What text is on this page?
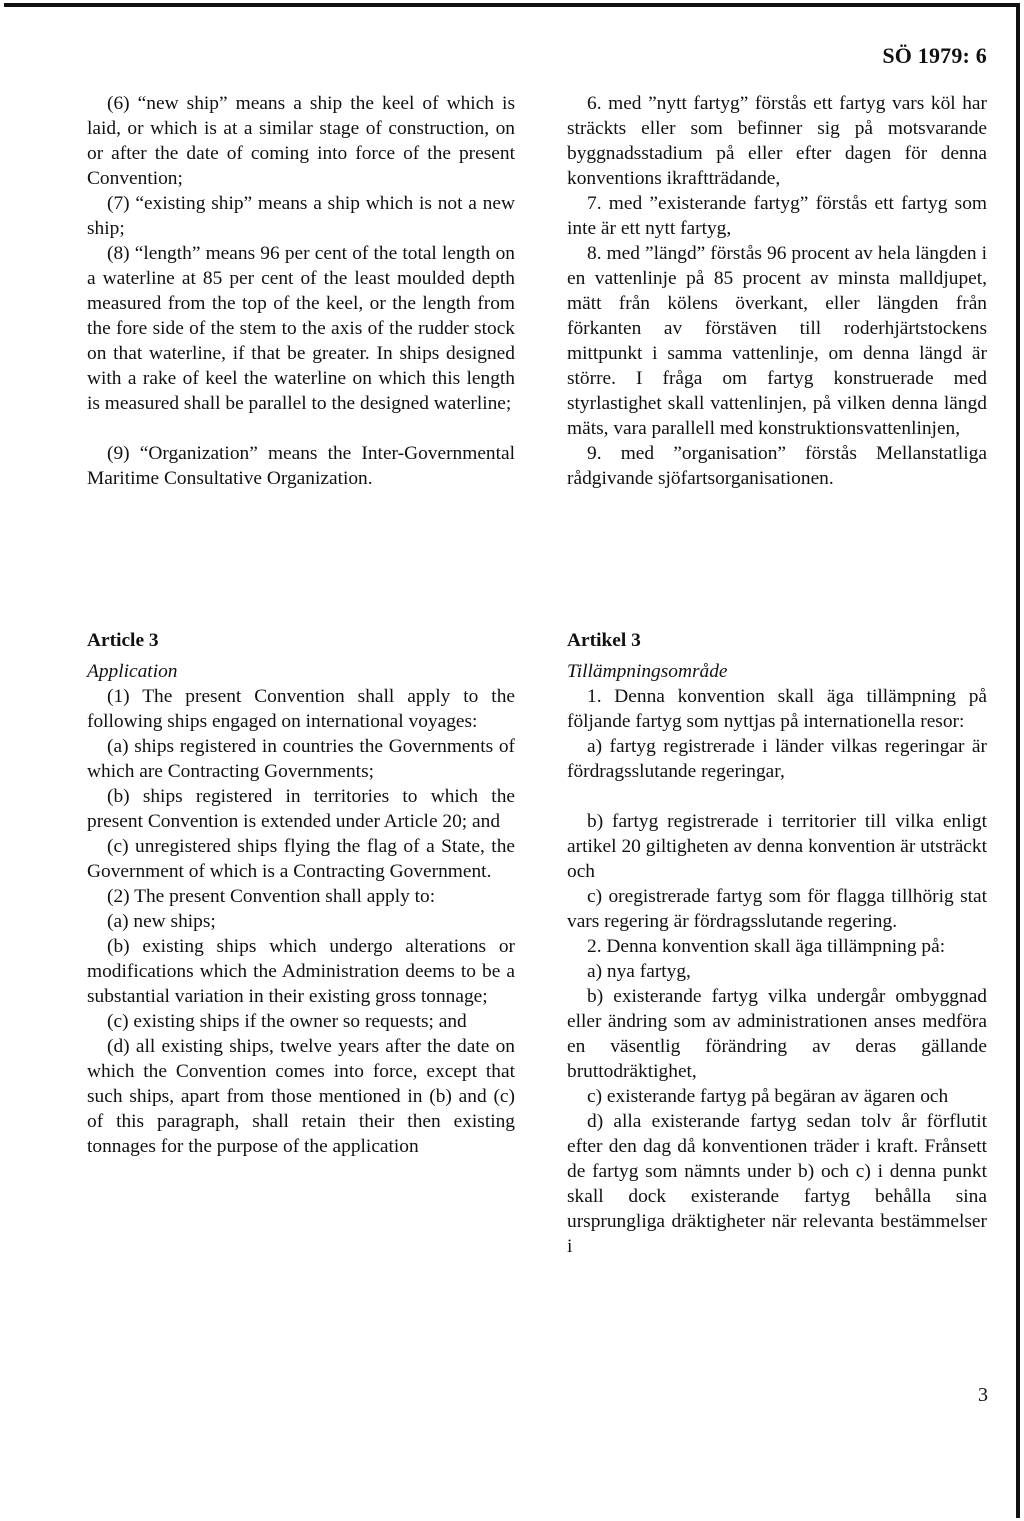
SÖ 1979: 6

(6) “new ship” means a ship the keel of which is laid, or which is at a similar stage of construction, on or after the date of coming into force of the present Convention;

(7) “existing ship” means a ship which is not a new ship;

(8) “length” means 96 per cent of the total length on a waterline at 85 per cent of the least moulded depth measured from the top of the keel, or the length from the fore side of the stem to the axis of the rudder stock on that waterline, if that be greater. In ships designed with a rake of keel the waterline on which this length is measured shall be parallel to the designed waterline;

(9) “Organization” means the Inter-Governmental Maritime Consultative Organization.

6. med ”nytt fartyg” förstås ett fartyg vars köl har sträckts eller som befinner sig på motsvarande byggnadsstadium på eller efter dagen för denna konventions ikraftträdande,

7. med ”existerande fartyg” förstås ett fartyg som inte är ett nytt fartyg,

8. med ”längd” förstås 96 procent av hela längden i en vattenlinje på 85 procent av minsta malldjupet, mätt från kölens överkant, eller längden från förkanten av förstäven till roderhjärtstockens mittpunkt i samma vattenlinje, om denna längd är större. I fråga om fartyg konstruerade med styrlastighet skall vattenlinjen, på vilken denna längd mäts, vara parallell med konstruktionsvattenlinjen,

9. med ”organisation” förstås Mellanstatliga rådgivande sjöfartsorganisationen.

Article 3

Application

(1) The present Convention shall apply to the following ships engaged on international voyages:

(a) ships registered in countries the Governments of which are Contracting Governments;

(b) ships registered in territories to which the present Convention is extended under Article 20; and

(c) unregistered ships flying the flag of a State, the Government of which is a Contracting Government.

(2) The present Convention shall apply to:

(a) new ships;

(b) existing ships which undergo alterations or modifications which the Administration deems to be a substantial variation in their existing gross tonnage;

(c) existing ships if the owner so requests; and

(d) all existing ships, twelve years after the date on which the Convention comes into force, except that such ships, apart from those mentioned in (b) and (c) of this paragraph, shall retain their then existing tonnages for the purpose of the application

Artikel 3

Tillämpningsområde

1. Denna konvention skall äga tillämpning på följande fartyg som nyttjas på internationella resor:

a) fartyg registrerade i länder vilkas regeringar är fördragsslutande regeringar,

b) fartyg registrerade i territorier till vilka enligt artikel 20 giltigheten av denna konvention är utsträckt och

c) oregistrerade fartyg som för flagga tillhörig stat vars regering är fördragsslutande regering.

2. Denna konvention skall äga tillämpning på:

a) nya fartyg,

b) existerande fartyg vilka undergår ombyggnad eller ändring som av administrationen anses medföra en väsentlig förändring av deras gällande bruttodräktighet,

c) existerande fartyg på begäran av ägaren och

d) alla existerande fartyg sedan tolv år förflutit efter den dag då konventionen träder i kraft. Frånsett de fartyg som nämnts under b) och c) i denna punkt skall dock existerande fartyg behålla sina ursprungliga dräktigheter när relevanta bestämmelser i

3
